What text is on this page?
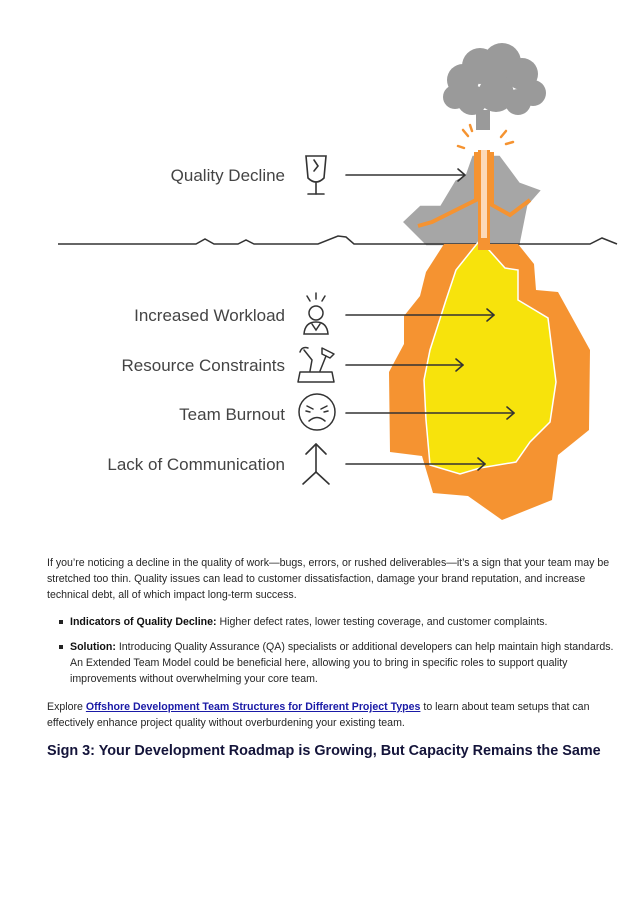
Quality Decline
Increased Workload
Resource Constraints
Team Burnout
Lack of Communication

If you’re noticing a decline in the quality of work—bugs, errors, or rushed deliverables—it’s a sign that your team may be stretched too thin. Quality issues can lead to customer dissatisfaction, damage your brand reputation, and increase technical debt, all of which impact long-term success.

Indicators of Quality Decline: Higher defect rates, lower testing coverage, and customer complaints.
Solution: Introducing Quality Assurance (QA) specialists or additional developers can help maintain high standards. An Extended Team Model could be beneficial here, allowing you to bring in specific roles to support quality improvements without overwhelming your core team.

Explore Offshore Development Team Structures for Different Project Types to learn about team setups that can effectively enhance project quality without overburdening your existing team.

Sign 3: Your Development Roadmap is Growing, But Capacity Remains the Same
